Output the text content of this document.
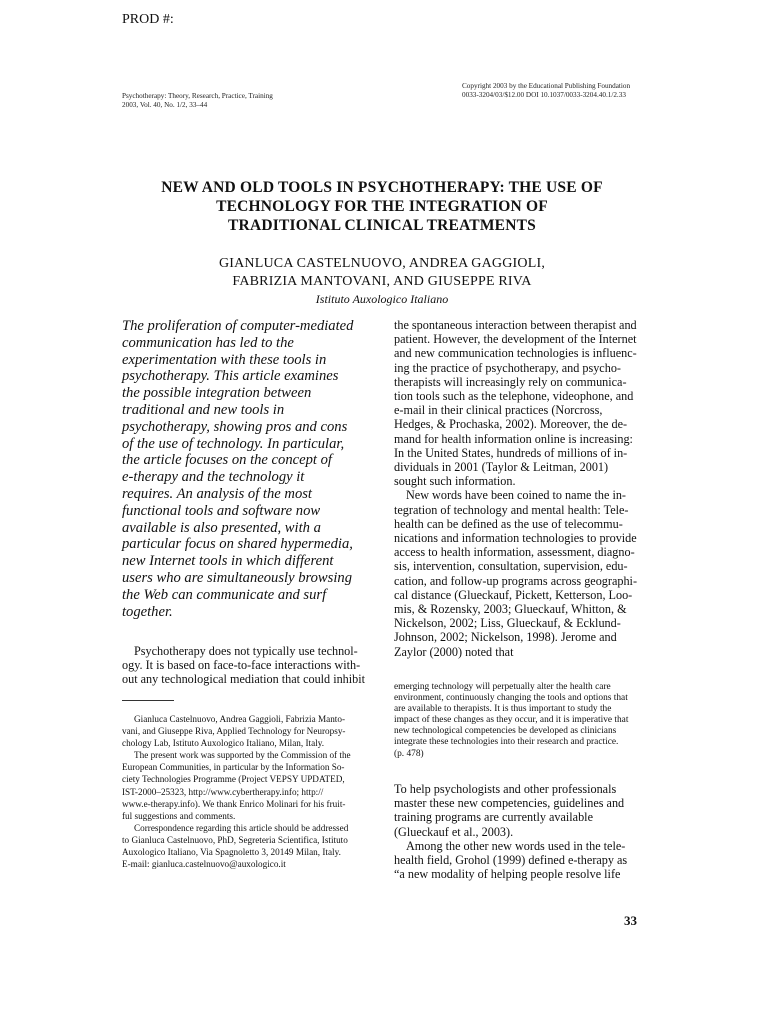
PROD #:
Psychotherapy: Theory, Research, Practice, Training
2003, Vol. 40, No. 1/2, 33–44
Copyright 2003 by the Educational Publishing Foundation
0033-3204/03/$12.00 DOI 10.1037/0033-3204.40.1/2.33
NEW AND OLD TOOLS IN PSYCHOTHERAPY: THE USE OF
TECHNOLOGY FOR THE INTEGRATION OF
TRADITIONAL CLINICAL TREATMENTS
GIANLUCA CASTELNUOVO, ANDREA GAGGIOLI,
FABRIZIA MANTOVANI, AND GIUSEPPE RIVA
Istituto Auxologico Italiano
The proliferation of computer-mediated
communication has led to the
experimentation with these tools in
psychotherapy. This article examines
the possible integration between
traditional and new tools in
psychotherapy, showing pros and cons
of the use of technology. In particular,
the article focuses on the concept of
e-therapy and the technology it
requires. An analysis of the most
functional tools and software now
available is also presented, with a
particular focus on shared hypermedia,
new Internet tools in which different
users who are simultaneously browsing
the Web can communicate and surf
together.
Psychotherapy does not typically use technol-
ogy. It is based on face-to-face interactions with-
out any technological mediation that could inhibit
Gianluca Castelnuovo, Andrea Gaggioli, Fabrizia Manto-
vani, and Giuseppe Riva, Applied Technology for Neuropsy-
chology Lab, Istituto Auxologico Italiano, Milan, Italy.
The present work was supported by the Commission of the
European Communities, in particular by the Information So-
ciety Technologies Programme (Project VEPSY UPDATED,
IST-2000–25323, http://www.cybertherapy.info; http://
www.e-therapy.info). We thank Enrico Molinari for his fruit-
ful suggestions and comments.
Correspondence regarding this article should be addressed
to Gianluca Castelnuovo, PhD, Segreteria Scientifica, Istituto
Auxologico Italiano, Via Spagnoletto 3, 20149 Milan, Italy.
E-mail: gianluca.castelnuovo@auxologico.it
the spontaneous interaction between therapist and
patient. However, the development of the Internet
and new communication technologies is influenc-
ing the practice of psychotherapy, and psycho-
therapists will increasingly rely on communica-
tion tools such as the telephone, videophone, and
e-mail in their clinical practices (Norcross,
Hedges, & Prochaska, 2002). Moreover, the de-
mand for health information online is increasing:
In the United States, hundreds of millions of in-
dividuals in 2001 (Taylor & Leitman, 2001)
sought such information.
New words have been coined to name the in-
tegration of technology and mental health: Tele-
health can be defined as the use of telecommu-
nications and information technologies to provide
access to health information, assessment, diagno-
sis, intervention, consultation, supervision, edu-
cation, and follow-up programs across geographi-
cal distance (Glueckauf, Pickett, Ketterson, Loo-
mis, & Rozensky, 2003; Glueckauf, Whitton, &
Nickelson, 2002; Liss, Glueckauf, & Ecklund-
Johnson, 2002; Nickelson, 1998). Jerome and
Zaylor (2000) noted that
emerging technology will perpetually alter the health care
environment, continuously changing the tools and options that
are available to therapists. It is thus important to study the
impact of these changes as they occur, and it is imperative that
new technological competencies be developed as clinicians
integrate these technologies into their research and practice.
(p. 478)
To help psychologists and other professionals
master these new competencies, guidelines and
training programs are currently available
(Glueckauf et al., 2003).
Among the other new words used in the tele-
health field, Grohol (1999) defined e-therapy as
“a new modality of helping people resolve life
33
